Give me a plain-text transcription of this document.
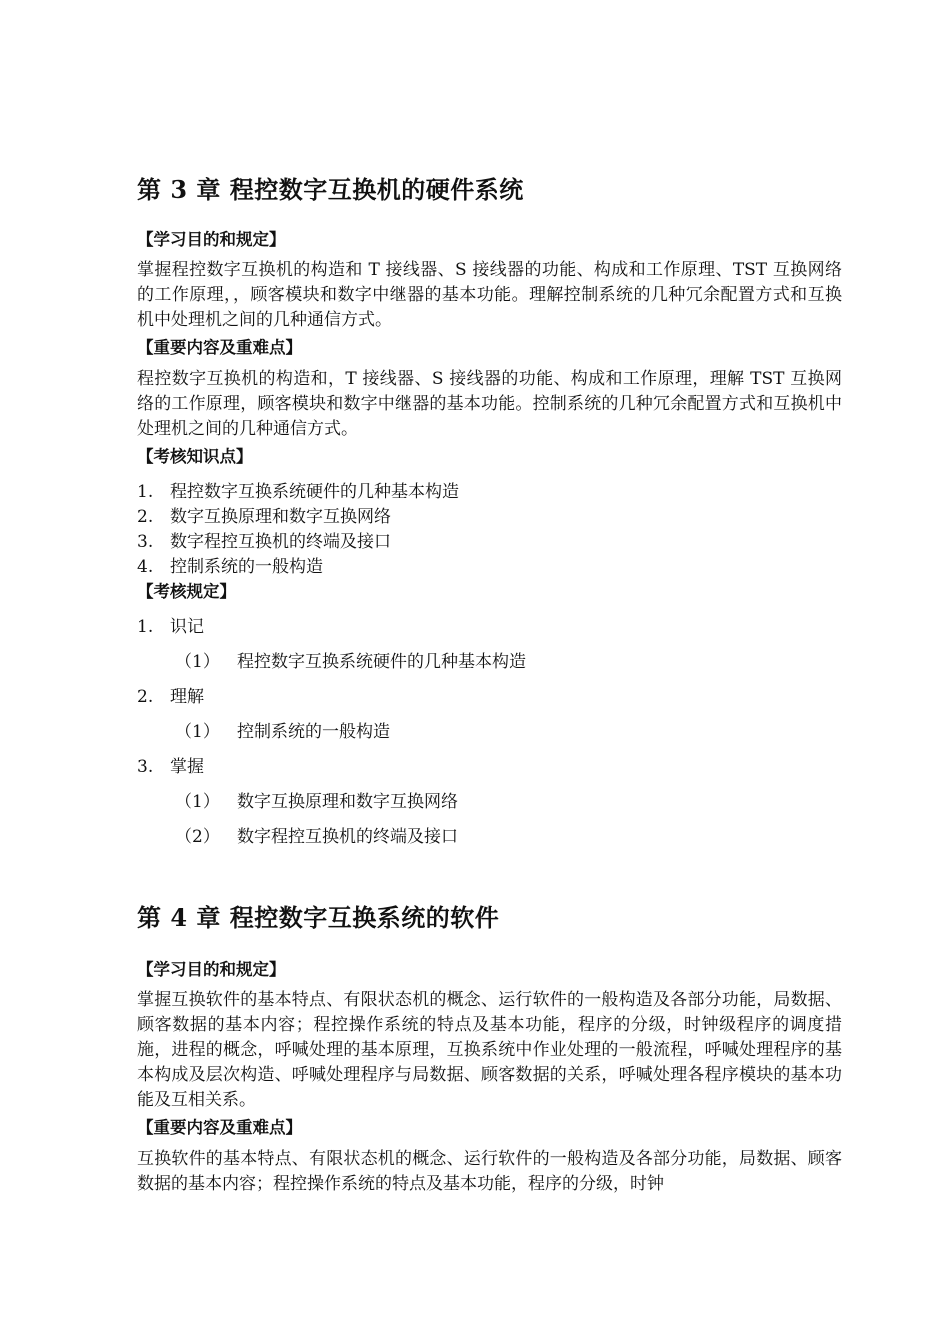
第 3 章 程控数字互换机的硬件系统
【学习目的和规定】

掌握程控数字互换机的构造和 T 接线器、S 接线器的功能、构成和工作原理、TST 互换网络的工作原理，，顾客模块和数字中继器的基本功能。理解控制系统的几种冗余配置方式和互换机中处理机之间的几种通信方式。

【重要内容及重难点】

程控数字互换机的构造和，T 接线器、S 接线器的功能、构成和工作原理，理解 TST 互换网络的工作原理，顾客模块和数字中继器的基本功能。控制系统的几种冗余配置方式和互换机中处理机之间的几种通信方式。

【考核知识点】
1. 程控数字互换系统硬件的几种基本构造
2. 数字互换原理和数字互换网络
3. 数字程控互换机的终端及接口
4. 控制系统的一般构造
【考核规定】
1. 识记
（1） 程控数字互换系统硬件的几种基本构造
2. 理解
（1） 控制系统的一般构造
3. 掌握
（1） 数字互换原理和数字互换网络
（2） 数字程控互换机的终端及接口
第 4 章 程控数字互换系统的软件
【学习目的和规定】

掌握互换软件的基本特点、有限状态机的概念、运行软件的一般构造及各部分功能，局数据、顾客数据的基本内容；程控操作系统的特点及基本功能，程序的分级，时钟级程序的调度措施，进程的概念，呼喊处理的基本原理，互换系统中作业处理的一般流程，呼喊处理程序的基本构成及层次构造、呼喊处理程序与局数据、顾客数据的关系，呼喊处理各程序模块的基本功能及互相关系。

【重要内容及重难点】

互换软件的基本特点、有限状态机的概念、运行软件的一般构造及各部分功能，局数据、顾客数据的基本内容；程控操作系统的特点及基本功能，程序的分级，时钟
